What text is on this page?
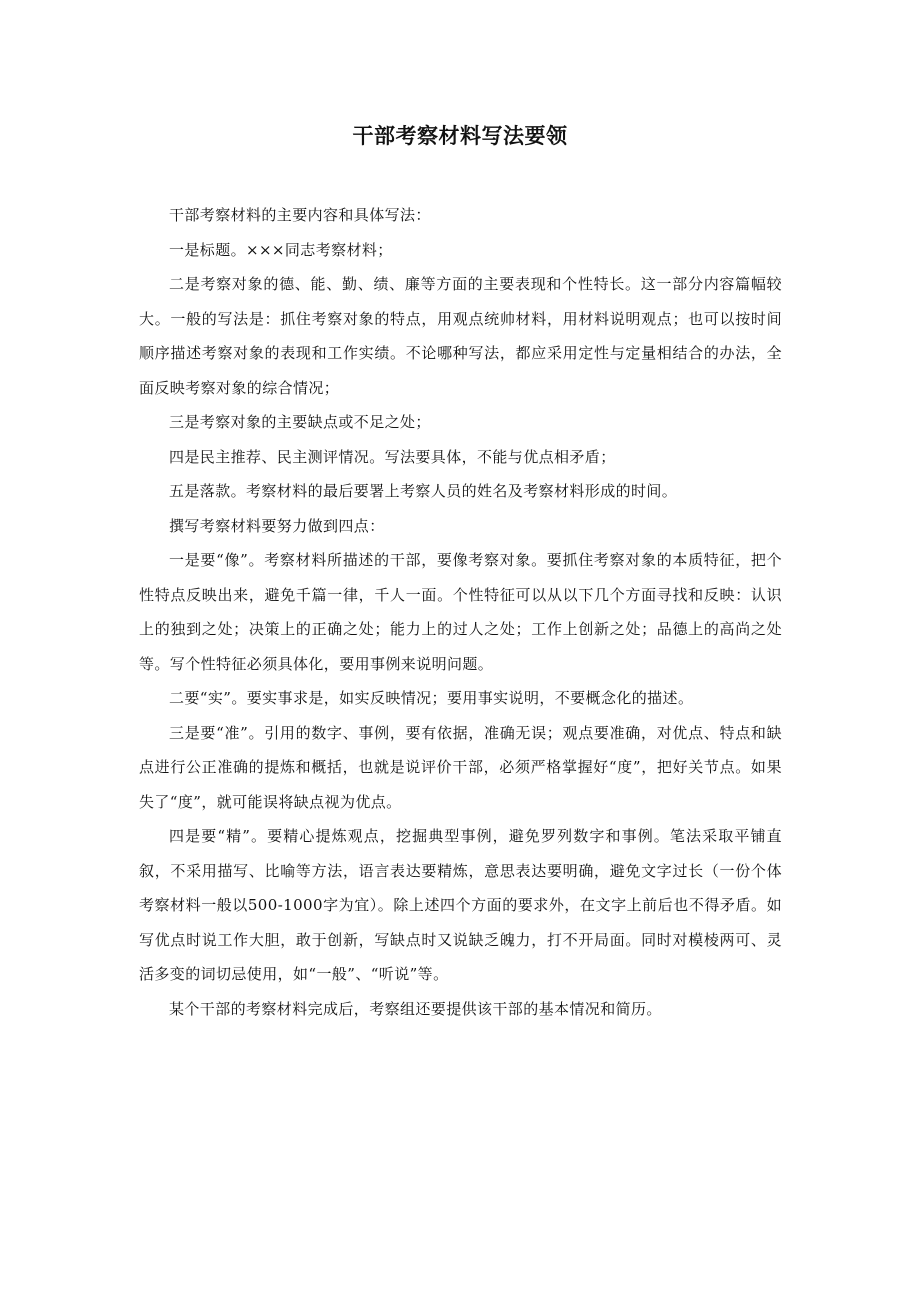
干部考察材料写法要领

干部考察材料的主要内容和具体写法：

一是标题。×××同志考察材料；

二是考察对象的德、能、勤、绩、廉等方面的主要表现和个性特长。这一部分内容篇幅较大。一般的写法是：抓住考察对象的特点，用观点统帅材料，用材料说明观点；也可以按时间顺序描述考察对象的表现和工作实绩。不论哪种写法，都应采用定性与定量相结合的办法，全面反映考察对象的综合情况；

三是考察对象的主要缺点或不足之处；

四是民主推荐、民主测评情况。写法要具体，不能与优点相矛盾；

五是落款。考察材料的最后要署上考察人员的姓名及考察材料形成的时间。

撰写考察材料要努力做到四点：

一是要“像”。考察材料所描述的干部，要像考察对象。要抓住考察对象的本质特征，把个性特点反映出来，避免千篇一律，千人一面。个性特征可以从以下几个方面寻找和反映：认识上的独到之处；决策上的正确之处；能力上的过人之处；工作上创新之处；品德上的高尚之处等。写个性特征必须具体化，要用事例来说明问题。

二要“实”。要实事求是，如实反映情况；要用事实说明，不要概念化的描述。

三是要“准”。引用的数字、事例，要有依据，准确无误；观点要准确，对优点、特点和缺点进行公正准确的提炼和概括，也就是说评价干部，必须严格掌握好“度”，把好关节点。如果失了“度”，就可能误将缺点视为优点。

四是要“精”。要精心提炼观点，挖掘典型事例，避免罗列数字和事例。笔法采取平铺直叙，不采用描写、比喻等方法，语言表达要精炼，意思表达要明确，避免文字过长（一份个体考察材料一般以500-1000字为宜）。除上述四个方面的要求外，在文字上前后也不得矛盾。如写优点时说工作大胆，敢于创新，写缺点时又说缺乏魄力，打不开局面。同时对模棱两可、灵活多变的词切忌使用，如“一般”、“听说”等。

某个干部的考察材料完成后，考察组还要提供该干部的基本情况和简历。
